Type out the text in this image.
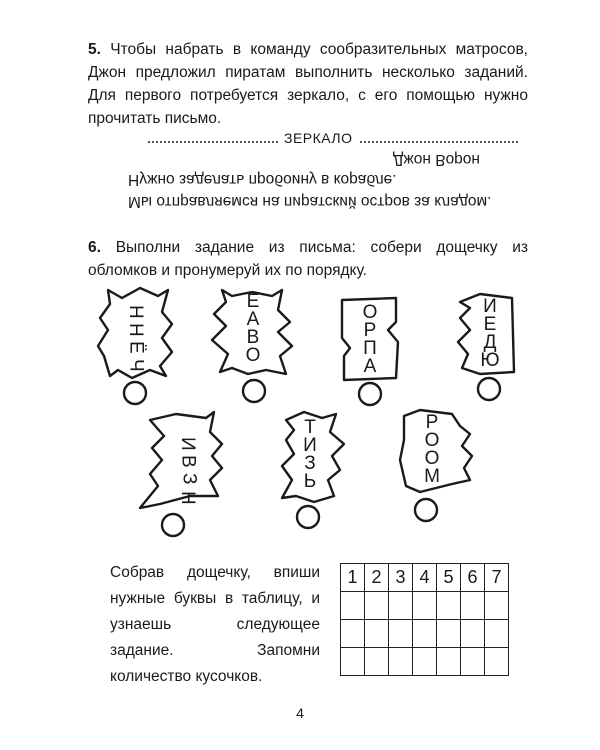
5. Чтобы набрать в команду сообразительных матросов, Джон предложил пиратам выполнить несколько заданий. Для первого потребуется зеркало, с его помощью нужно прочитать письмо.
ЗЕРКАЛО
Джон Ворон
Нужно заделать пробоину в корабле.
Мы отправляемся на пиратский остров за кладом.
6. Выполни задание из письма: собери дощечку из обломков и пронумеруй их по порядку.
Н Н Ё Ч
Е А В О
О Р П А
И Е Д Ю
И В З Н
Т И З Ь
Р О О М
Собрав дощечку, впиши нужные буквы в таблицу, и узнаешь следующее задание. Запомни количество кусочков.
1	2	3	4	5	6	7

4
